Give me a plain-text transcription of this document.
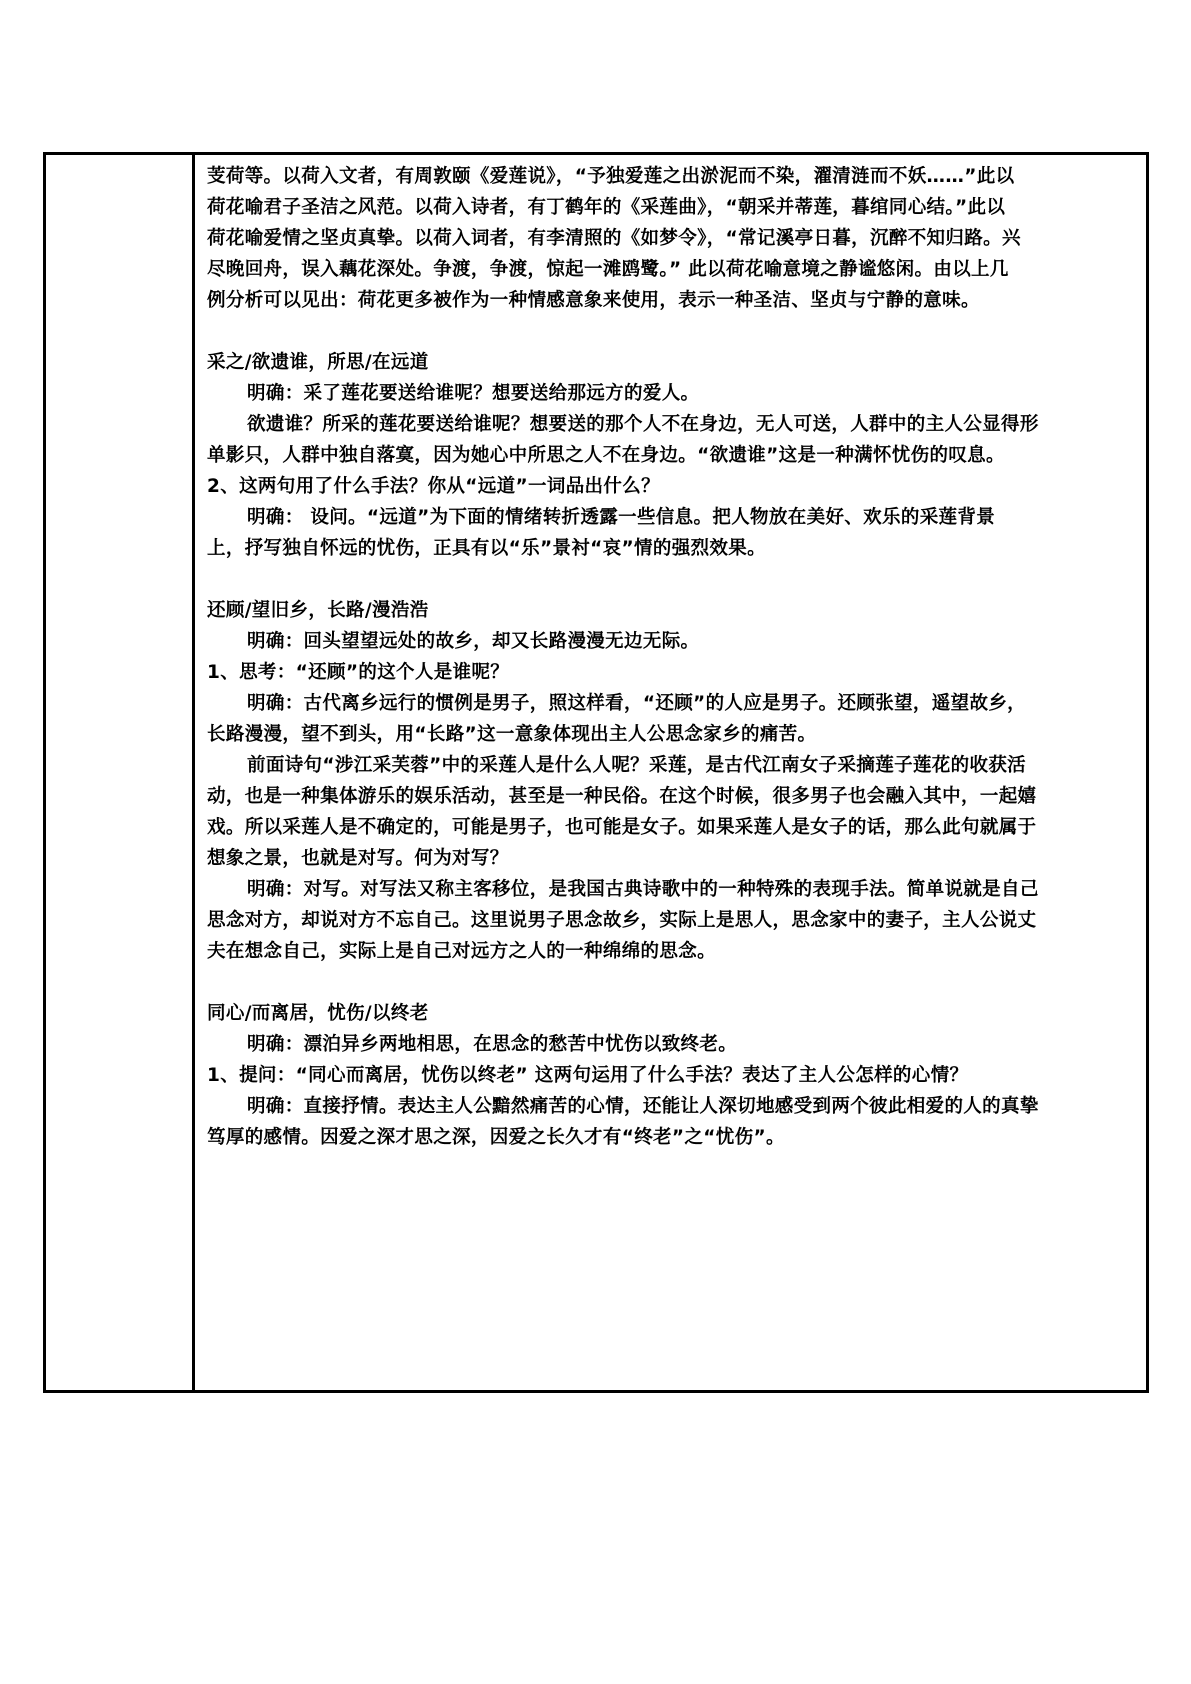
芰荷等。以荷入文者，有周敦颐《爱莲说》，“予独爱莲之出淤泥而不染，濯清涟而不妖……”此以
荷花喻君子圣洁之风范。以荷入诗者，有丁鹤年的《采莲曲》，“朝采并蒂莲，暮绾同心结。”此以
荷花喻爱情之坚贞真挚。以荷入词者，有李清照的《如梦令》，“常记溪亭日暮，沉醉不知归路。兴
尽晚回舟，误入藕花深处。争渡，争渡，惊起一滩鸥鹭。” 此以荷花喻意境之静谧悠闲。由以上几
例分析可以见出：荷花更多被作为一种情感意象来使用，表示一种圣洁、坚贞与宁静的意味。
采之/欲遗谁，所思/在远道
明确：采了莲花要送给谁呢？想要送给那远方的爱人。
欲遗谁？所采的莲花要送给谁呢？想要送的那个人不在身边，无人可送，人群中的主人公显得形
单影只，人群中独自落寞，因为她心中所思之人不在身边。“欲遗谁”这是一种满怀忧伤的叹息。
2、这两句用了什么手法？你从“远道”一词品出什么？
明确： 设问。“远道”为下面的情绪转折透露一些信息。把人物放在美好、欢乐的采莲背景
上，抒写独自怀远的忧伤，正具有以“乐”景衬“哀”情的强烈效果。
还顾/望旧乡，长路/漫浩浩
明确：回头望望远处的故乡，却又长路漫漫无边无际。
1、思考：“还顾”的这个人是谁呢？
明确：古代离乡远行的惯例是男子，照这样看，“还顾”的人应是男子。还顾张望，遥望故乡，
长路漫漫，望不到头，用“长路”这一意象体现出主人公思念家乡的痛苦。
前面诗句“涉江采芙蓉”中的采莲人是什么人呢？采莲，是古代江南女子采摘莲子莲花的收获活
动，也是一种集体游乐的娱乐活动，甚至是一种民俗。在这个时候，很多男子也会融入其中，一起嬉
戏。所以采莲人是不确定的，可能是男子，也可能是女子。如果采莲人是女子的话，那么此句就属于
想象之景，也就是对写。何为对写？
明确：对写。对写法又称主客移位，是我国古典诗歌中的一种特殊的表现手法。简单说就是自己
思念对方，却说对方不忘自己。这里说男子思念故乡，实际上是思人，思念家中的妻子，主人公说丈
夫在想念自己，实际上是自己对远方之人的一种绵绵的思念。
同心/而离居，忧伤/以终老
明确：漂泊异乡两地相思，在思念的愁苦中忧伤以致终老。
1、提问：“同心而离居，忧伤以终老” 这两句运用了什么手法？表达了主人公怎样的心情？
明确：直接抒情。表达主人公黯然痛苦的心情，还能让人深切地感受到两个彼此相爱的人的真挚
笃厚的感情。因爱之深才思之深，因爱之长久才有“终老”之“忧伤”。
